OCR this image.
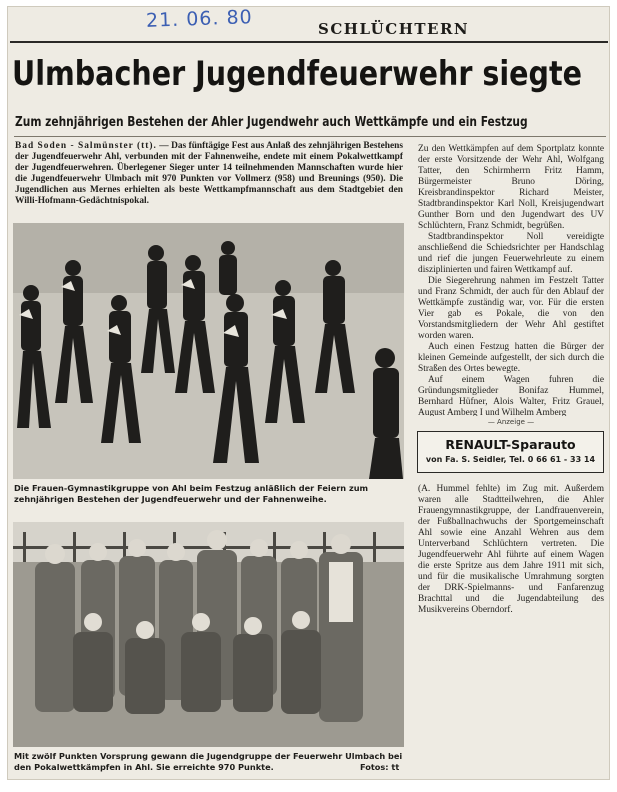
21. 06. 80	SCHLÜCHTERN
Ulmbacher Jugendfeuerwehr siegte
Zum zehnjährigen Bestehen der Ahler Jugendwehr auch Wettkämpfe und ein Festzug
Bad Soden - Salmünster (tt). — Das fünftägige Fest aus Anlaß des zehnjährigen Bestehens der Jugendfeuerwehr Ahl, verbunden mit der Fahnenweihe, endete mit einem Pokalwettkampf der Jugendfeuerwehren. Überlegener Sieger unter 14 teilnehmenden Mannschaften wurde hier die Jugendfeuerwehr Ulmbach mit 970 Punkten vor Vollmerz (958) und Breunings (950). Die Jugendlichen aus Mernes erhielten als beste Wettkampfmannschaft aus dem Stadtgebiet den Willi-Hofmann-Gedächtnispokal.
Die Frauen-Gymnastikgruppe von Ahl beim Festzug anläßlich der Feiern zum zehnjährigen Bestehen der Jugendfeuerwehr und der Fahnenweihe.
Mit zwölf Punkten Vorsprung gewann die Jugendgruppe der Feuerwehr Ulmbach bei den Pokalwettkämpfen in Ahl. Sie erreichte 970 Punkte.	Fotos: tt

Zu den Wettkämpfen auf dem Sportplatz konnte der erste Vorsitzende der Wehr Ahl, Wolfgang Tatter, den Schirmherrn Fritz Hamm, Bürgermeister Bruno Döring, Kreisbrandinspektor Richard Meister, Stadtbrandinspektor Karl Noll, Kreisjugendwart Gunther Born und den Jugendwart des UV Schlüchtern, Franz Schmidt, begrüßen.

Stadtbrandinspektor Noll vereidigte anschließend die Schiedsrichter per Handschlag und rief die jungen Feuerwehrleute zu einem disziplinierten und fairen Wettkampf auf.

Die Siegerehrung nahmen im Festzelt Tatter und Franz Schmidt, der auch für den Ablauf der Wettkämpfe zuständig war, vor. Für die ersten Vier gab es Pokale, die von den Vorstandsmitgliedern der Wehr Ahl gestiftet worden waren.

Auch einen Festzug hatten die Bürger der kleinen Gemeinde aufgestellt, der sich durch die Straßen des Ortes bewegte.

Auf einem Wagen fuhren die Gründungsmitglieder Bonifaz Hummel, Bernhard Hüfner, Alois Walter, Fritz Grauel, August Amberg I und Wilhelm Amberg

— Anzeige —
RENAULT-Sparauto
von Fa. S. Seidler, Tel. 0 66 61 - 33 14
(A. Hummel fehlte) im Zug mit. Außerdem waren alle Stadtteilwehren, die Ahler Frauengymnastikgruppe, der Landfrauenverein, der Fußballnachwuchs der Sportgemeinschaft Ahl sowie eine Anzahl Wehren aus dem Unterverband Schlüchtern vertreten. Die Jugendfeuerwehr Ahl führte auf einem Wagen die erste Spritze aus dem Jahre 1911 mit sich, und für die musikalische Umrahmung sorgten der DRK-Spielmanns- und Fanfarenzug Brachttal und die Jugendabteilung des Musikvereins Oberndorf.
